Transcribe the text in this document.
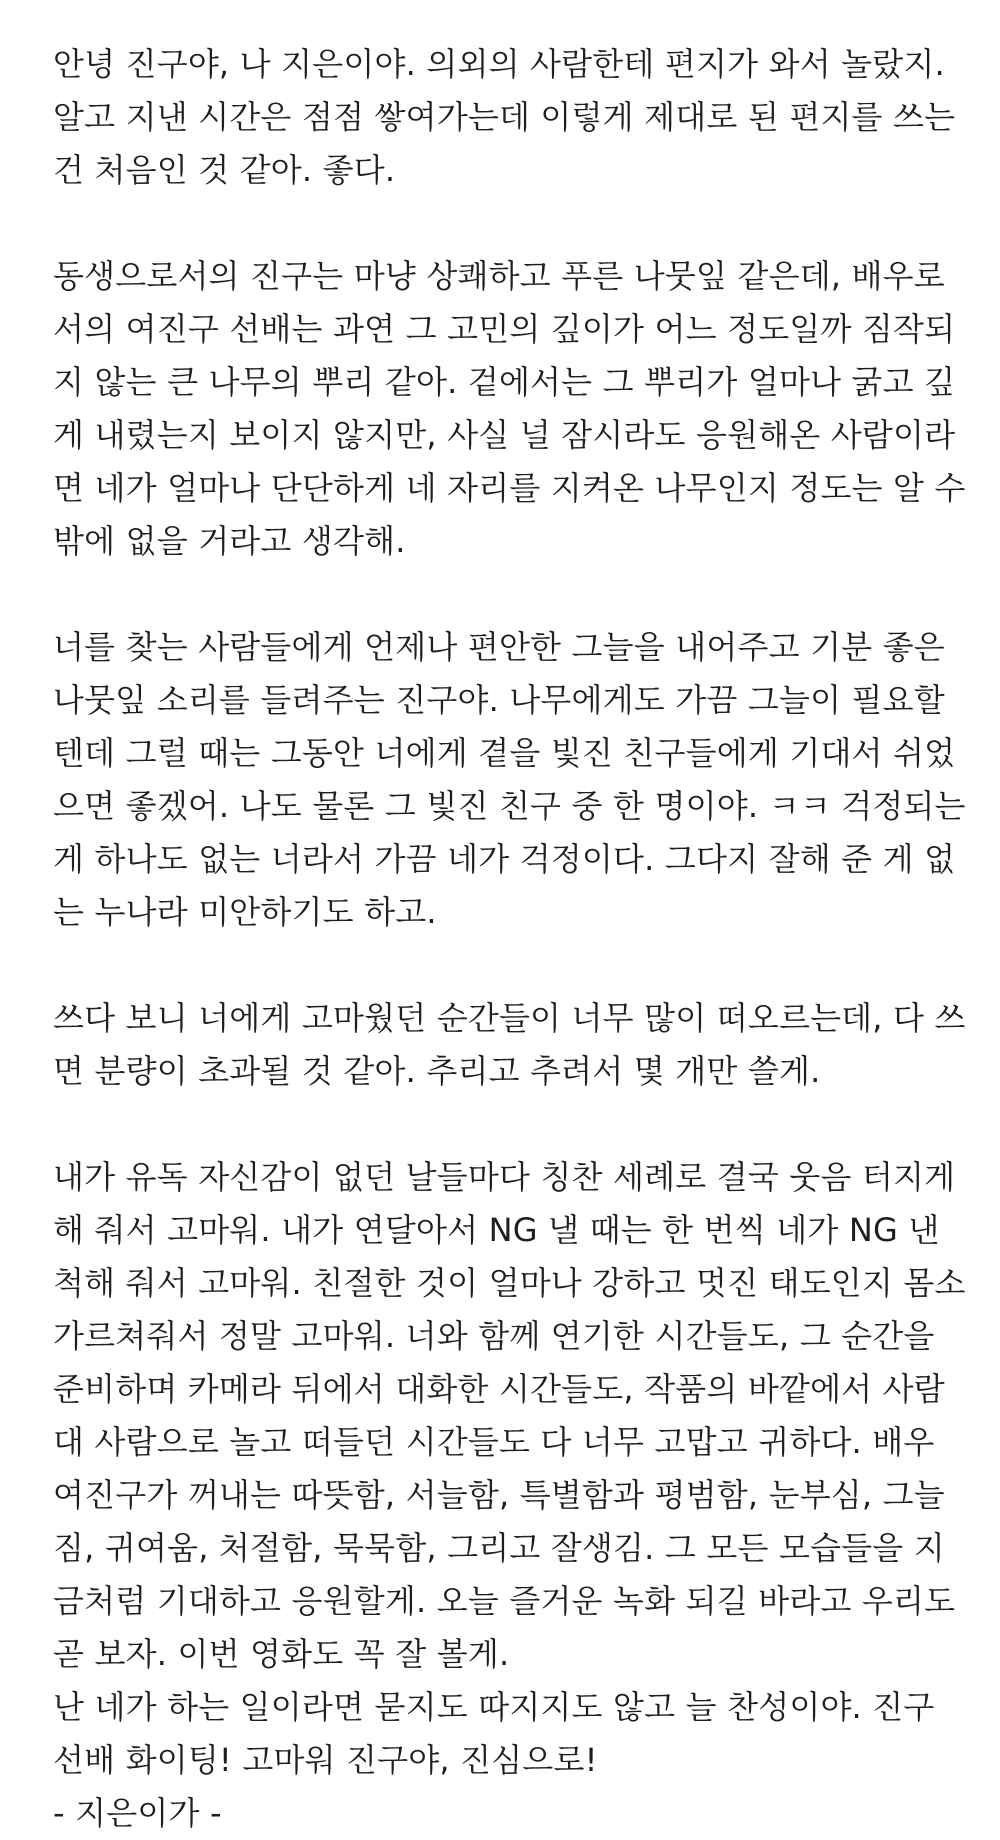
안녕 진구야, 나 지은이야. 의외의 사람한테 편지가 와서 놀랐지.
알고 지낸 시간은 점점 쌓여가는데 이렇게 제대로 된 편지를 쓰는
건 처음인 것 같아. 좋다.
동생으로서의 진구는 마냥 상쾌하고 푸른 나뭇잎 같은데, 배우로
서의 여진구 선배는 과연 그 고민의 깊이가 어느 정도일까 짐작되
지 않는 큰 나무의 뿌리 같아. 겉에서는 그 뿌리가 얼마나 굵고 깊
게 내렸는지 보이지 않지만, 사실 널 잠시라도 응원해온 사람이라
면 네가 얼마나 단단하게 네 자리를 지켜온 나무인지 정도는 알 수
밖에 없을 거라고 생각해.
너를 찾는 사람들에게 언제나 편안한 그늘을 내어주고 기분 좋은
나뭇잎 소리를 들려주는 진구야. 나무에게도 가끔 그늘이 필요할
텐데 그럴 때는 그동안 너에게 곁을 빛진 친구들에게 기대서 쉬었
으면 좋겠어. 나도 물론 그 빛진 친구 중 한 명이야. ㅋㅋ 걱정되는
게 하나도 없는 너라서 가끔 네가 걱정이다. 그다지 잘해 준 게 없
는 누나라 미안하기도 하고.
쓰다 보니 너에게 고마웠던 순간들이 너무 많이 떠오르는데, 다 쓰
면 분량이 초과될 것 같아. 추리고 추려서 몇 개만 쓸게.
내가 유독 자신감이 없던 날들마다 칭찬 세례로 결국 웃음 터지게
해 줘서 고마워. 내가 연달아서 NG 낼 때는 한 번씩 네가 NG 낸
척해 줘서 고마워. 친절한 것이 얼마나 강하고 멋진 태도인지 몸소
가르쳐줘서 정말 고마워. 너와 함께 연기한 시간들도, 그 순간을
준비하며 카메라 뒤에서 대화한 시간들도, 작품의 바깥에서 사람
대 사람으로 놀고 떠들던 시간들도 다 너무 고맙고 귀하다. 배우
여진구가 꺼내는 따뜻함, 서늘함, 특별함과 평범함, 눈부심, 그늘
짐, 귀여움, 처절함, 묵묵함, 그리고 잘생김. 그 모든 모습들을 지
금처럼 기대하고 응원할게. 오늘 즐거운 녹화 되길 바라고 우리도
곧 보자. 이번 영화도 꼭 잘 볼게.
난 네가 하는 일이라면 묻지도 따지지도 않고 늘 찬성이야. 진구
선배 화이팅! 고마워 진구야, 진심으로!
- 지은이가 -
